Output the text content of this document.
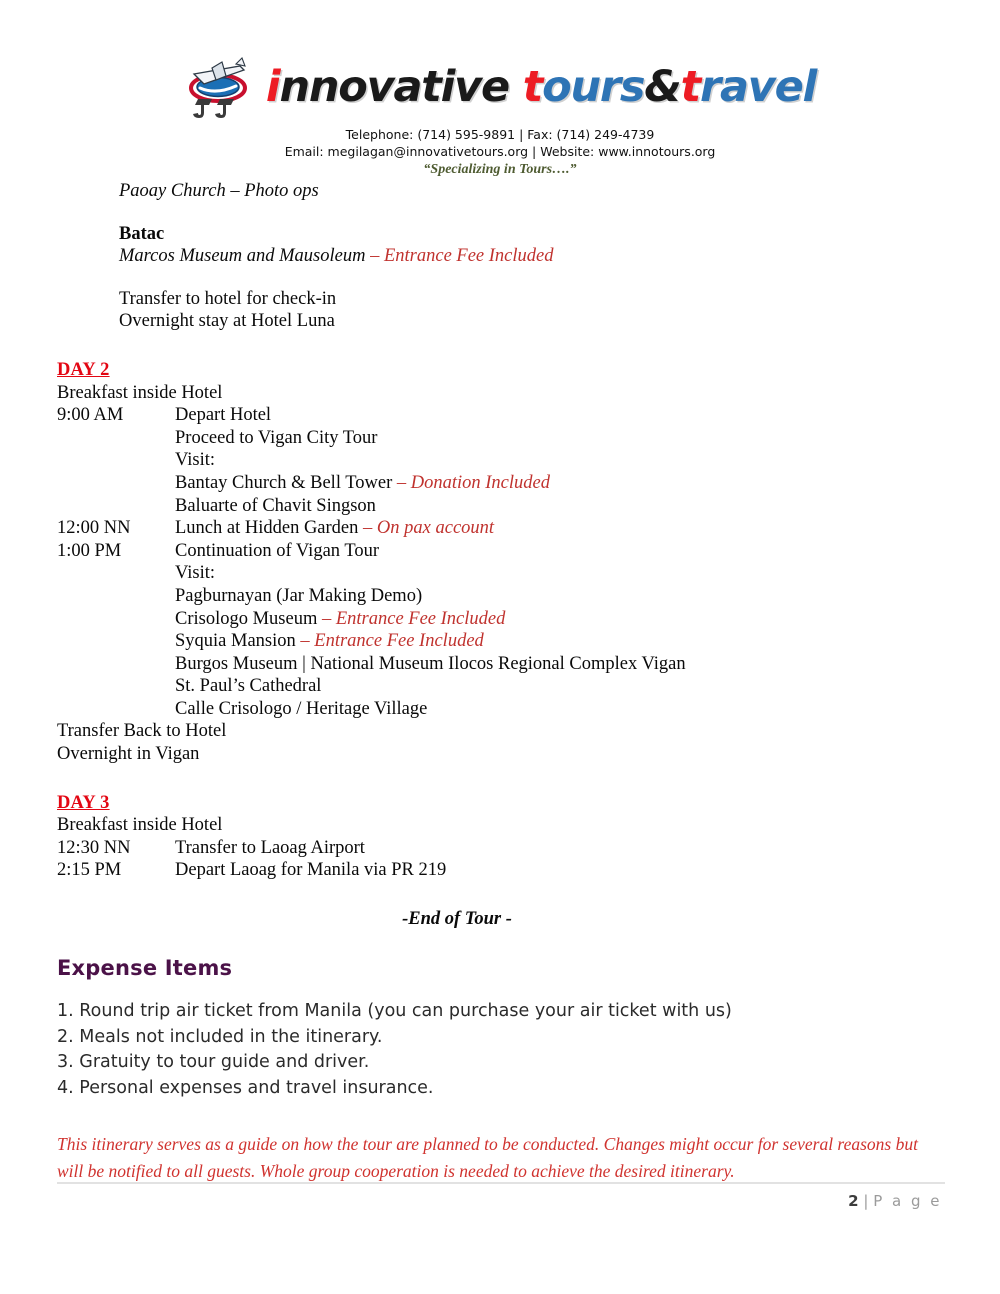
innovative tours&travel
Telephone: (714) 595-9891 | Fax: (714) 249-4739
Email: megilagan@innovativetours.org | Website: www.innotours.org
“Specializing in Tours….”
Paoay Church – Photo ops
Batac
Marcos Museum and Mausoleum – Entrance Fee Included
Transfer to hotel for check-in
Overnight stay at Hotel Luna
DAY 2
Breakfast inside Hotel
9:00 AM	Depart Hotel
Proceed to Vigan City Tour
Visit:
Bantay Church & Bell Tower – Donation Included
Baluarte of Chavit Singson
12:00 NN	Lunch at Hidden Garden – On pax account
1:00 PM	Continuation of Vigan Tour
Visit:
Pagburnayan (Jar Making Demo)
Crisologo Museum – Entrance Fee Included
Syquia Mansion – Entrance Fee Included
Burgos Museum | National Museum Ilocos Regional Complex Vigan
St. Paul’s Cathedral
Calle Crisologo / Heritage Village
Transfer Back to Hotel
Overnight in Vigan
DAY 3
Breakfast inside Hotel
12:30 NN	Transfer to Laoag Airport
2:15 PM	Depart Laoag for Manila via PR 219
-End of Tour -
Expense Items
1. Round trip air ticket from Manila (you can purchase your air ticket with us)
2. Meals not included in the itinerary.
3. Gratuity to tour guide and driver.
4. Personal expenses and travel insurance.
This itinerary serves as a guide on how the tour are planned to be conducted. Changes might occur for several reasons but will be notified to all guests. Whole group cooperation is needed to achieve the desired itinerary.
2 | P a g e
